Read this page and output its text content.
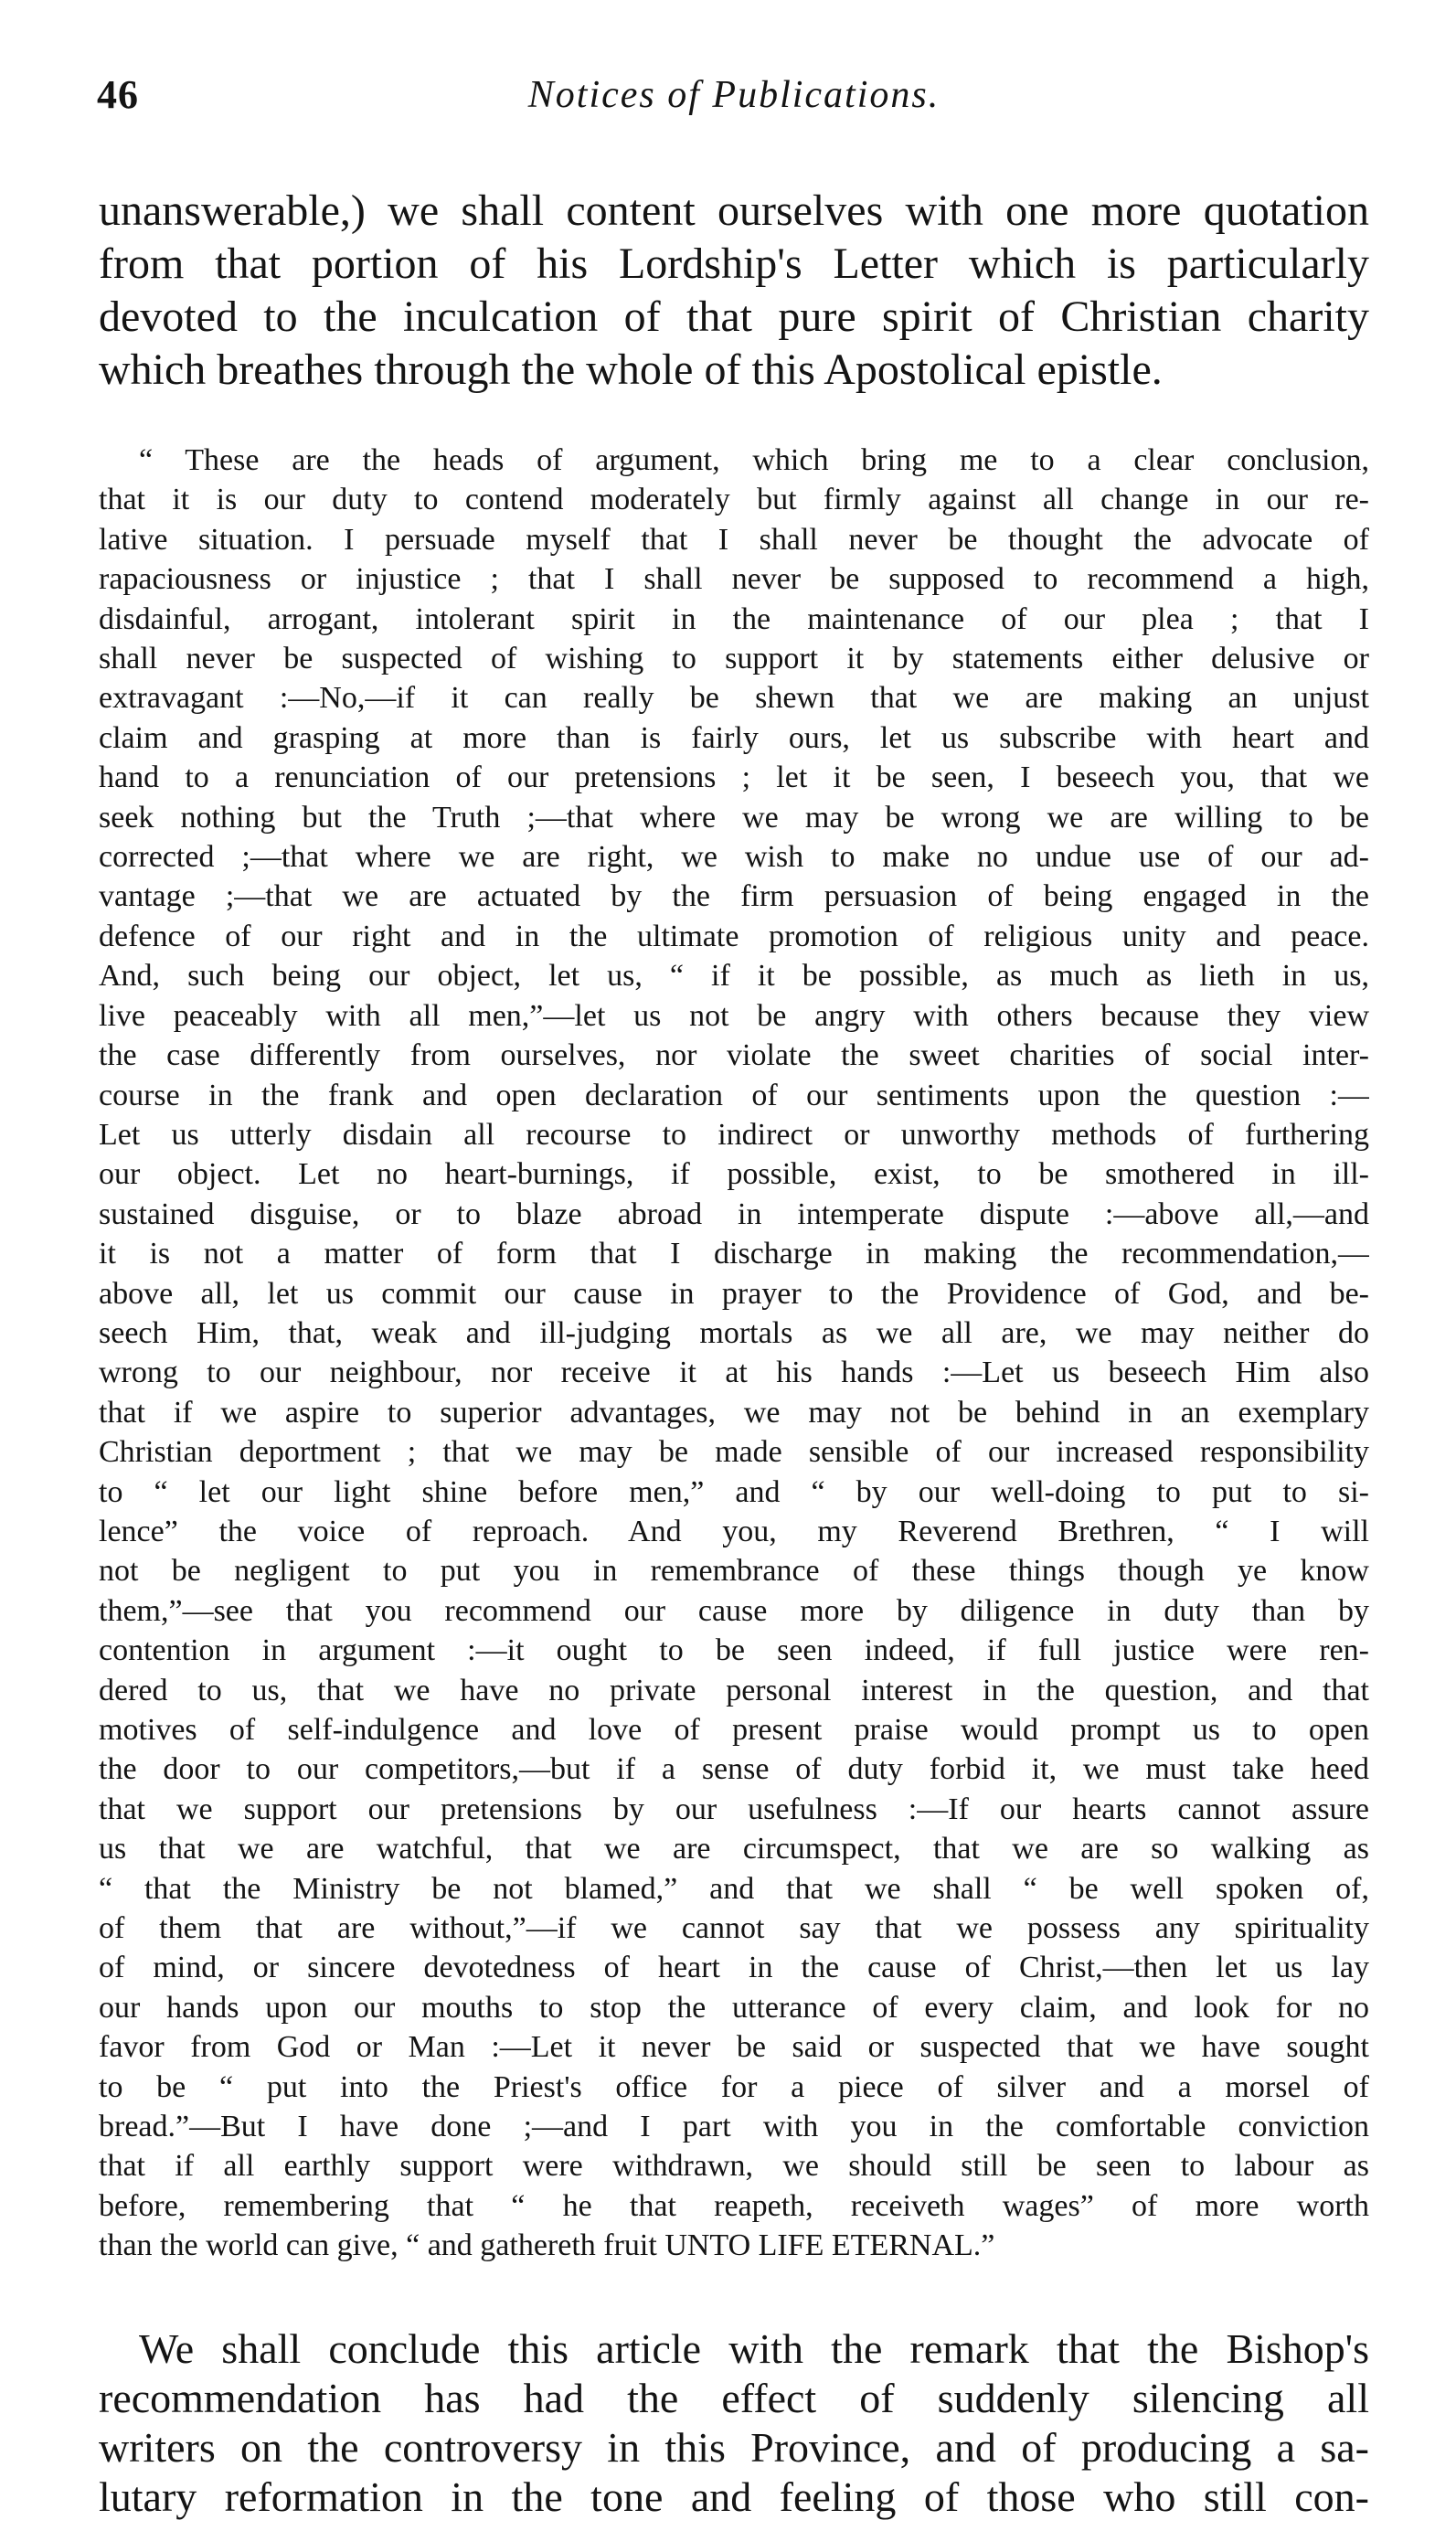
46	Notices of Publications.
unanswerable,) we shall content ourselves with one more quotation
from that portion of his Lordship's Letter which is particularly
devoted to the inculcation of that pure spirit of Christian charity
which breathes through the whole of this Apostolical epistle.
“ These are the heads of argument, which bring me to a clear conclusion,
that it is our duty to contend moderately but firmly against all change in our re-
lative situation. I persuade myself that I shall never be thought the advocate of
rapaciousness or injustice ; that I shall never be supposed to recommend a high,
disdainful, arrogant, intolerant spirit in the maintenance of our plea ; that I
shall never be suspected of wishing to support it by statements either delusive or
extravagant :—No,—if it can really be shewn that we are making an unjust
claim and grasping at more than is fairly ours, let us subscribe with heart and
hand to a renunciation of our pretensions ; let it be seen, I beseech you, that we
seek nothing but the Truth ;—that where we may be wrong we are willing to be
corrected ;—that where we are right, we wish to make no undue use of our ad-
vantage ;—that we are actuated by the firm persuasion of being engaged in the
defence of our right and in the ultimate promotion of religious unity and peace.
And, such being our object, let us, “ if it be possible, as much as lieth in us,
live peaceably with all men,”—let us not be angry with others because they view
the case differently from ourselves, nor violate the sweet charities of social inter-
course in the frank and open declaration of our sentiments upon the question :—
Let us utterly disdain all recourse to indirect or unworthy methods of furthering
our object. Let no heart-burnings, if possible, exist, to be smothered in ill-
sustained disguise, or to blaze abroad in intemperate dispute :—above all,—and
it is not a matter of form that I discharge in making the recommendation,—
above all, let us commit our cause in prayer to the Providence of God, and be-
seech Him, that, weak and ill-judging mortals as we all are, we may neither do
wrong to our neighbour, nor receive it at his hands :—Let us beseech Him also
that if we aspire to superior advantages, we may not be behind in an exemplary
Christian deportment ; that we may be made sensible of our increased responsibility
to “ let our light shine before men,” and “ by our well-doing to put to si-
lence” the voice of reproach. And you, my Reverend Brethren, “ I will
not be negligent to put you in remembrance of these things though ye know
them,”—see that you recommend our cause more by diligence in duty than by
contention in argument :—it ought to be seen indeed, if full justice were ren-
dered to us, that we have no private personal interest in the question, and that
motives of self-indulgence and love of present praise would prompt us to open
the door to our competitors,—but if a sense of duty forbid it, we must take heed
that we support our pretensions by our usefulness :—If our hearts cannot assure
us that we are watchful, that we are circumspect, that we are so walking as
“ that the Ministry be not blamed,” and that we shall “ be well spoken of,
of them that are without,”—if we cannot say that we possess any spirituality
of mind, or sincere devotedness of heart in the cause of Christ,—then let us lay
our hands upon our mouths to stop the utterance of every claim, and look for no
favor from God or Man :—Let it never be said or suspected that we have sought
to be “ put into the Priest's office for a piece of silver and a morsel of
bread.”—But I have done ;—and I part with you in the comfortable conviction
that if all earthly support were withdrawn, we should still be seen to labour as
before, remembering that “ he that reapeth, receiveth wages” of more worth
than the world can give, “ and gathereth fruit UNTO LIFE ETERNAL.”
We shall conclude this article with the remark that the Bishop's
recommendation has had the effect of suddenly silencing all
writers on the controversy in this Province, and of producing a sa-
lutary reformation in the tone and feeling of those who still con-
